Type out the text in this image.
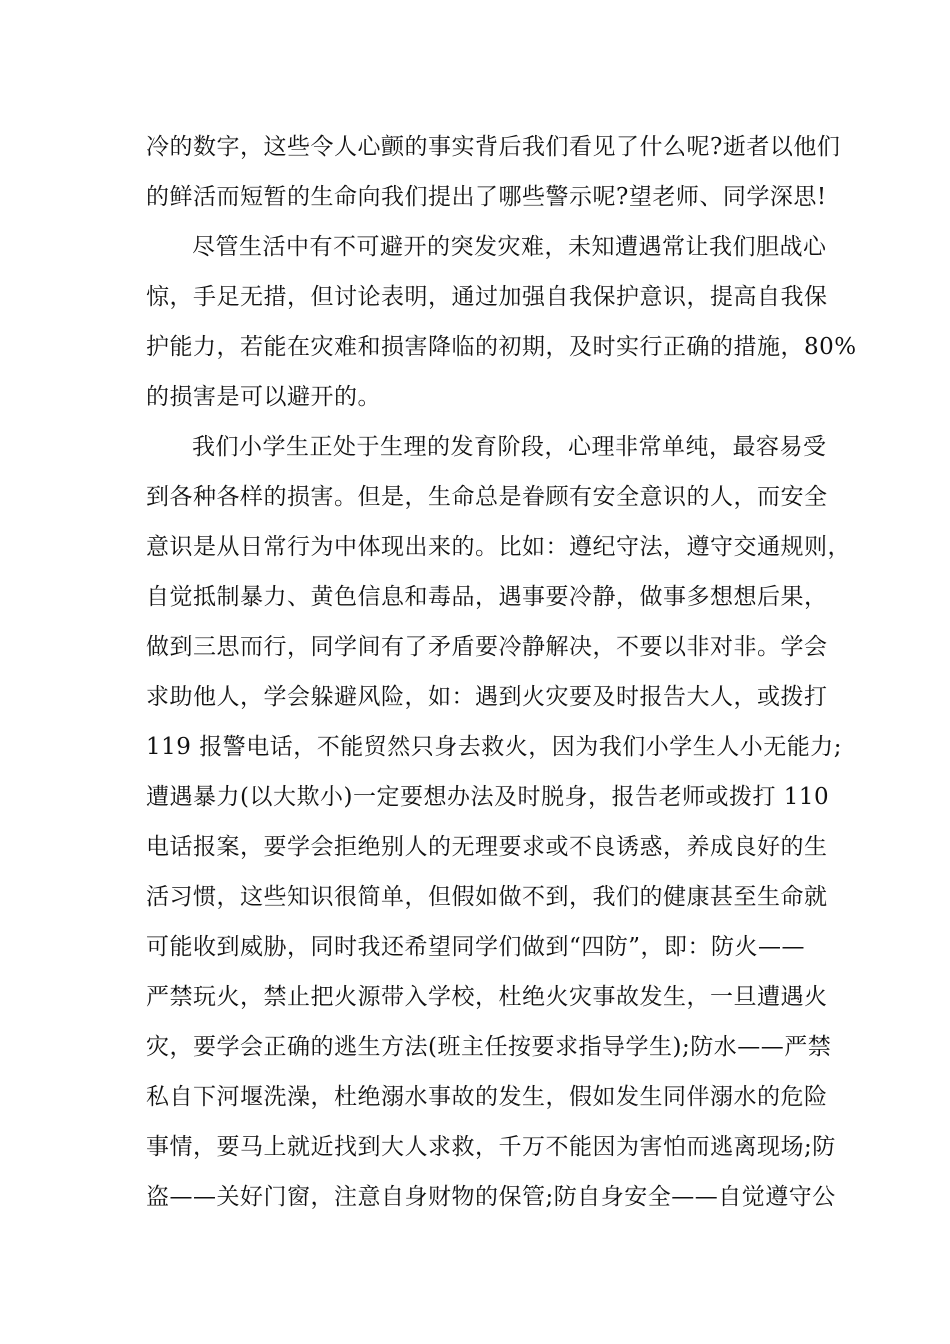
冷的数字，这些令人心颤的事实背后我们看见了什么呢?逝者以他们
的鲜活而短暂的生命向我们提出了哪些警示呢?望老师、同学深思!
尽管生活中有不可避开的突发灾难，未知遭遇常让我们胆战心
惊，手足无措，但讨论表明，通过加强自我保护意识，提高自我保
护能力，若能在灾难和损害降临的初期，及时实行正确的措施，80%
的损害是可以避开的。
我们小学生正处于生理的发育阶段，心理非常单纯，最容易受
到各种各样的损害。但是，生命总是眷顾有安全意识的人，而安全
意识是从日常行为中体现出来的。比如：遵纪守法，遵守交通规则，
自觉抵制暴力、黄色信息和毒品，遇事要冷静，做事多想想后果，
做到三思而行，同学间有了矛盾要冷静解决，不要以非对非。学会
求助他人，学会躲避风险，如：遇到火灾要及时报告大人，或拨打
119 报警电话，不能贸然只身去救火，因为我们小学生人小无能力;
遭遇暴力(以大欺小)一定要想办法及时脱身，报告老师或拨打 110
电话报案，要学会拒绝别人的无理要求或不良诱惑，养成良好的生
活习惯，这些知识很简单，但假如做不到，我们的健康甚至生命就
可能收到威胁，同时我还希望同学们做到“四防”，即：防火——
严禁玩火，禁止把火源带入学校，杜绝火灾事故发生，一旦遭遇火
灾，要学会正确的逃生方法(班主任按要求指导学生);防水——严禁
私自下河堰洗澡，杜绝溺水事故的发生，假如发生同伴溺水的危险
事情，要马上就近找到大人求救，千万不能因为害怕而逃离现场;防
盗——关好门窗，注意自身财物的保管;防自身安全——自觉遵守公
